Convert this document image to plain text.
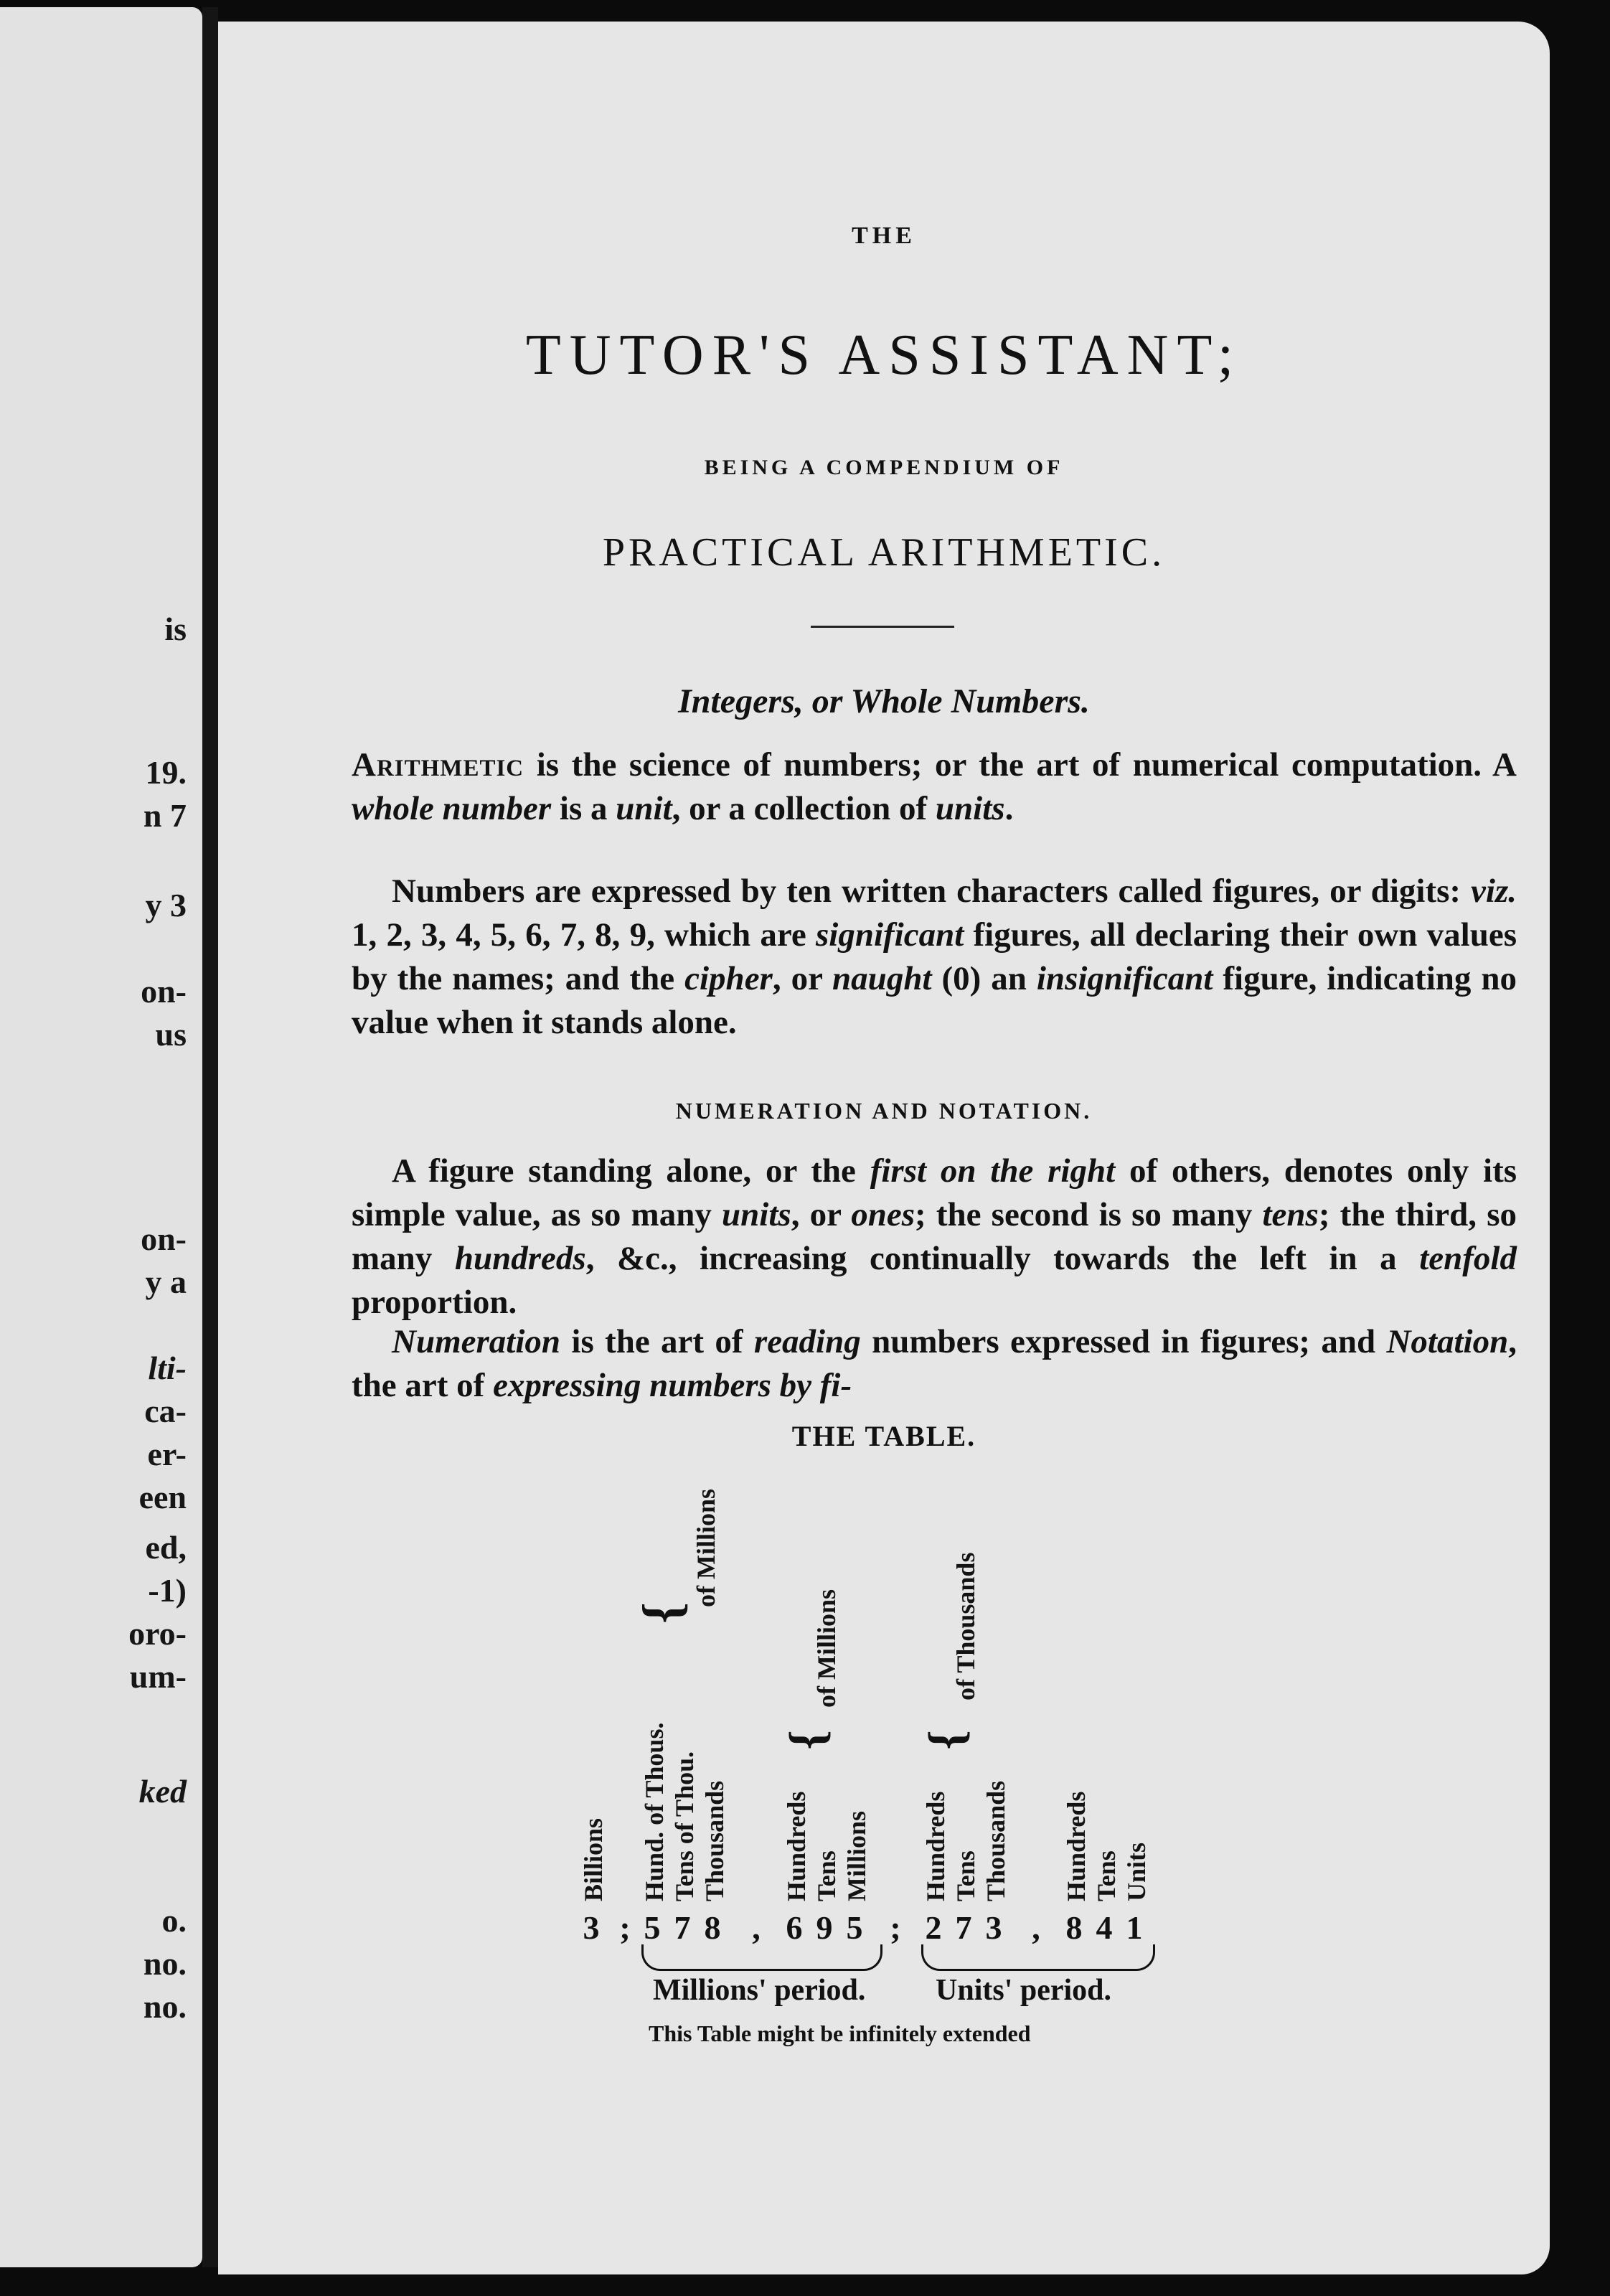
is
19.
n 7
y 3
on-
us
on-
y a
lti-
ca-
er-
een
ed,
-1)
oro-
um-
ked
o.
no.
no.
THE
TUTOR'S ASSISTANT;
BEING A COMPENDIUM OF
PRACTICAL ARITHMETIC.
Integers, or Whole Numbers.
Arithmetic is the science of numbers; or the art of numerical computation. A whole number is a unit, or a collection of units.
Numbers are expressed by ten written characters called figures, or digits: viz. 1, 2, 3, 4, 5, 6, 7, 8, 9, which are significant figures, all declaring their own values by the names; and the cipher, or naught (0) an insignificant figure, indicating no value when it stands alone.
NUMERATION AND NOTATION.
A figure standing alone, or the first on the right of others, denotes only its simple value, as so many units, or ones; the second is so many tens; the third, so many hundreds, &c., increasing continually towards the left in a tenfold proportion.
Numeration is the art of reading numbers expressed in figures; and Notation, the art of expressing numbers by fi-
THE TABLE.
Billions Hund. of Thous. Tens of Thou. Thousands Hundreds Tens Millions Hundreds Tens Thousands Hundreds Tens Units
{
of Millions
{
of Millions
{
of Thousands
3 ; 5 7 8 , 6 9 5 ; 2 7 3 , 8 4 1
Millions' period. Units' period.
This Table might be infinitely extended
